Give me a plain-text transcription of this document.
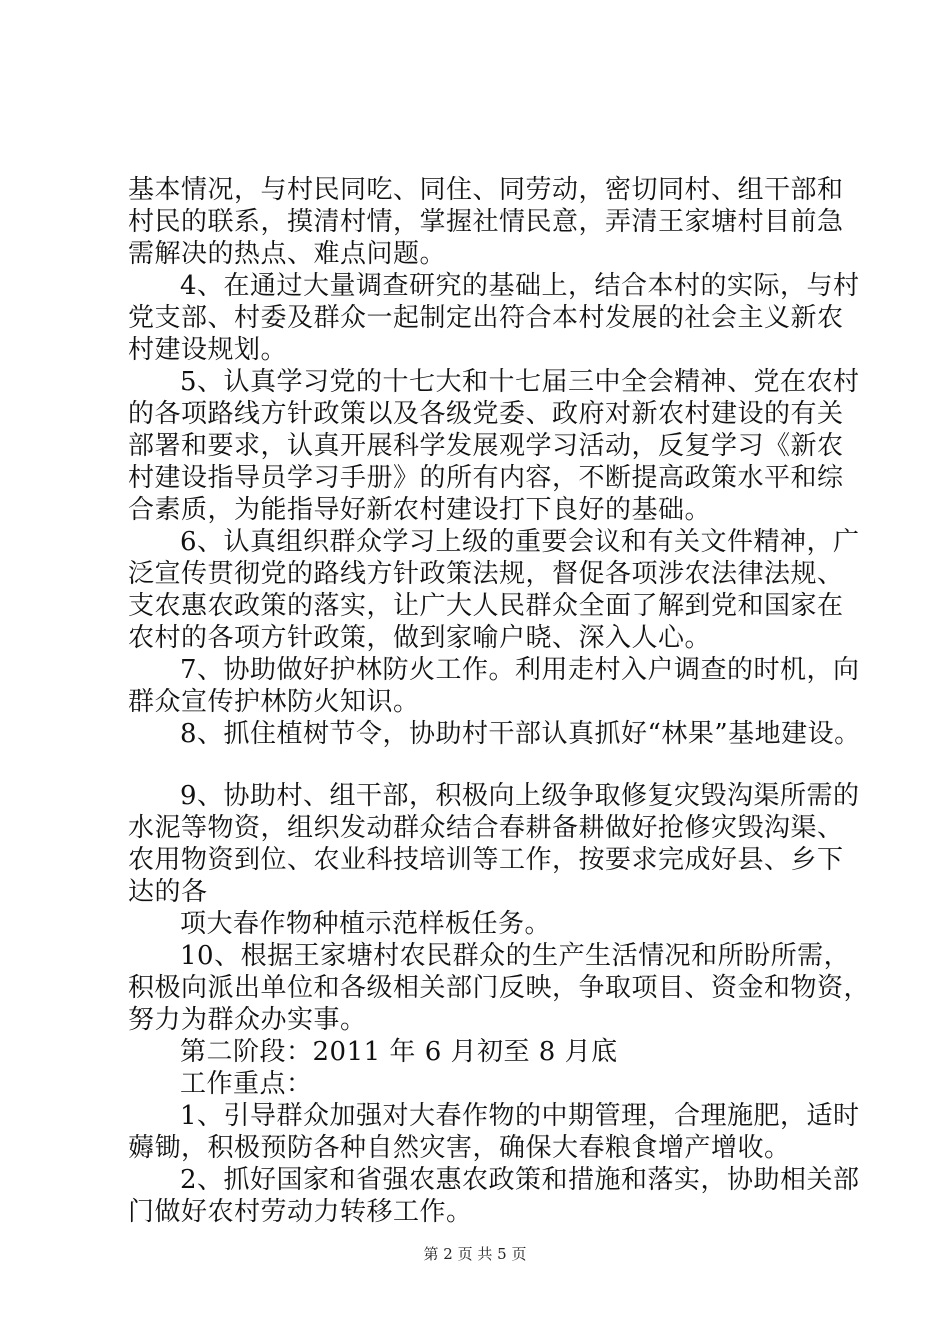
基本情况，与村民同吃、同住、同劳动，密切同村、组干部和
村民的联系，摸清村情，掌握社情民意，弄清王家塘村目前急
需解决的热点、难点问题。
4、在通过大量调查研究的基础上，结合本村的实际，与村
党支部、村委及群众一起制定出符合本村发展的社会主义新农
村建设规划。
5、认真学习党的十七大和十七届三中全会精神、党在农村
的各项路线方针政策以及各级党委、政府对新农村建设的有关
部署和要求，认真开展科学发展观学习活动，反复学习《新农
村建设指导员学习手册》的所有内容，不断提高政策水平和综
合素质，为能指导好新农村建设打下良好的基础。
6、认真组织群众学习上级的重要会议和有关文件精神，广
泛宣传贯彻党的路线方针政策法规，督促各项涉农法律法规、
支农惠农政策的落实，让广大人民群众全面了解到党和国家在
农村的各项方针政策，做到家喻户晓、深入人心。
7、协助做好护林防火工作。利用走村入户调查的时机，向
群众宣传护林防火知识。
8、抓住植树节令，协助村干部认真抓好“林果”基地建设。
9、协助村、组干部，积极向上级争取修复灾毁沟渠所需的
水泥等物资，组织发动群众结合春耕备耕做好抢修灾毁沟渠、
农用物资到位、农业科技培训等工作，按要求完成好县、乡下
达的各
项大春作物种植示范样板任务。
10、根据王家塘村农民群众的生产生活情况和所盼所需，
积极向派出单位和各级相关部门反映，争取项目、资金和物资，
努力为群众办实事。
第二阶段：2011 年 6 月初至 8 月底
工作重点：
1、引导群众加强对大春作物的中期管理，合理施肥，适时
薅锄，积极预防各种自然灾害，确保大春粮食增产增收。
2、抓好国家和省强农惠农政策和措施和落实，协助相关部
门做好农村劳动力转移工作。
第 2 页 共 5 页
